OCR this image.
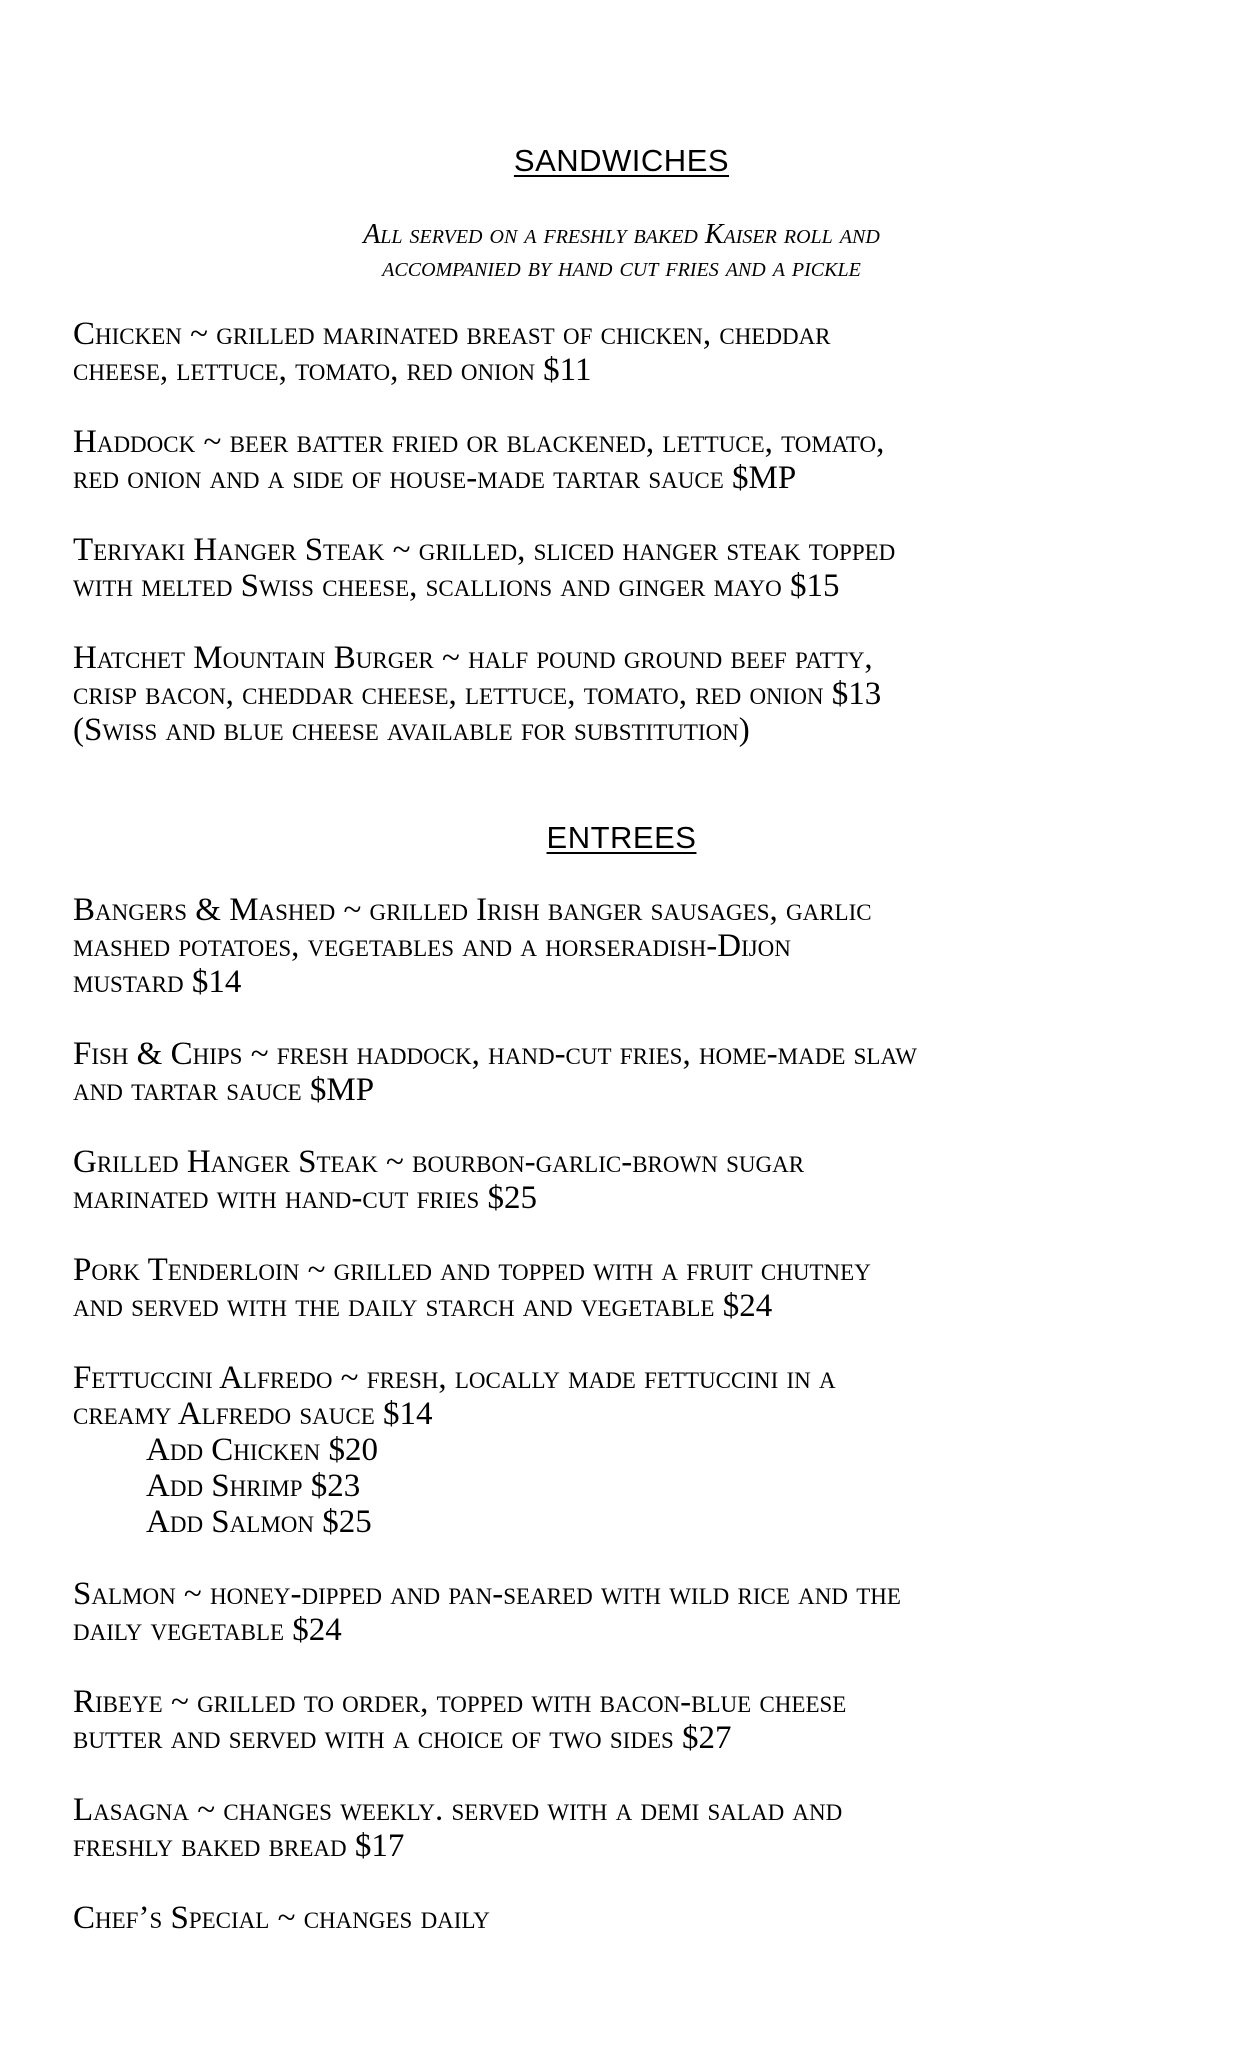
SANDWICHES
All served on a freshly baked Kaiser roll and
accompanied by hand cut fries and a pickle
Chicken ~ grilled marinated breast of chicken, cheddar
cheese, lettuce, tomato, red onion $11
Haddock ~ beer batter fried or blackened, lettuce, tomato,
red onion and a side of house-made tartar sauce $MP
Teriyaki Hanger Steak ~ grilled, sliced hanger steak topped
with melted Swiss cheese, scallions and ginger mayo $15
Hatchet Mountain Burger ~ half pound ground beef patty,
crisp bacon, cheddar cheese, lettuce, tomato, red onion $13
(Swiss and blue cheese available for substitution)
ENTREES
Bangers & Mashed ~ grilled Irish banger sausages, garlic
mashed potatoes, vegetables and a horseradish-Dijon
mustard $14
Fish & Chips ~ fresh haddock, hand-cut fries, home-made slaw
and tartar sauce $MP
Grilled Hanger Steak ~ bourbon-garlic-brown sugar
marinated with hand-cut fries $25
Pork Tenderloin ~ grilled and topped with a fruit chutney
and served with the daily starch and vegetable $24
Fettuccini Alfredo ~ fresh, locally made fettuccini in a
creamy Alfredo sauce $14
Add Chicken $20
Add Shrimp $23
Add Salmon $25
Salmon ~ honey-dipped and pan-seared with wild rice and the
daily vegetable $24
Ribeye ~ grilled to order, topped with bacon-blue cheese
butter and served with a choice of two sides $27
Lasagna ~ changes weekly. served with a demi salad and
freshly baked bread $17
Chef’s Special ~ changes daily
